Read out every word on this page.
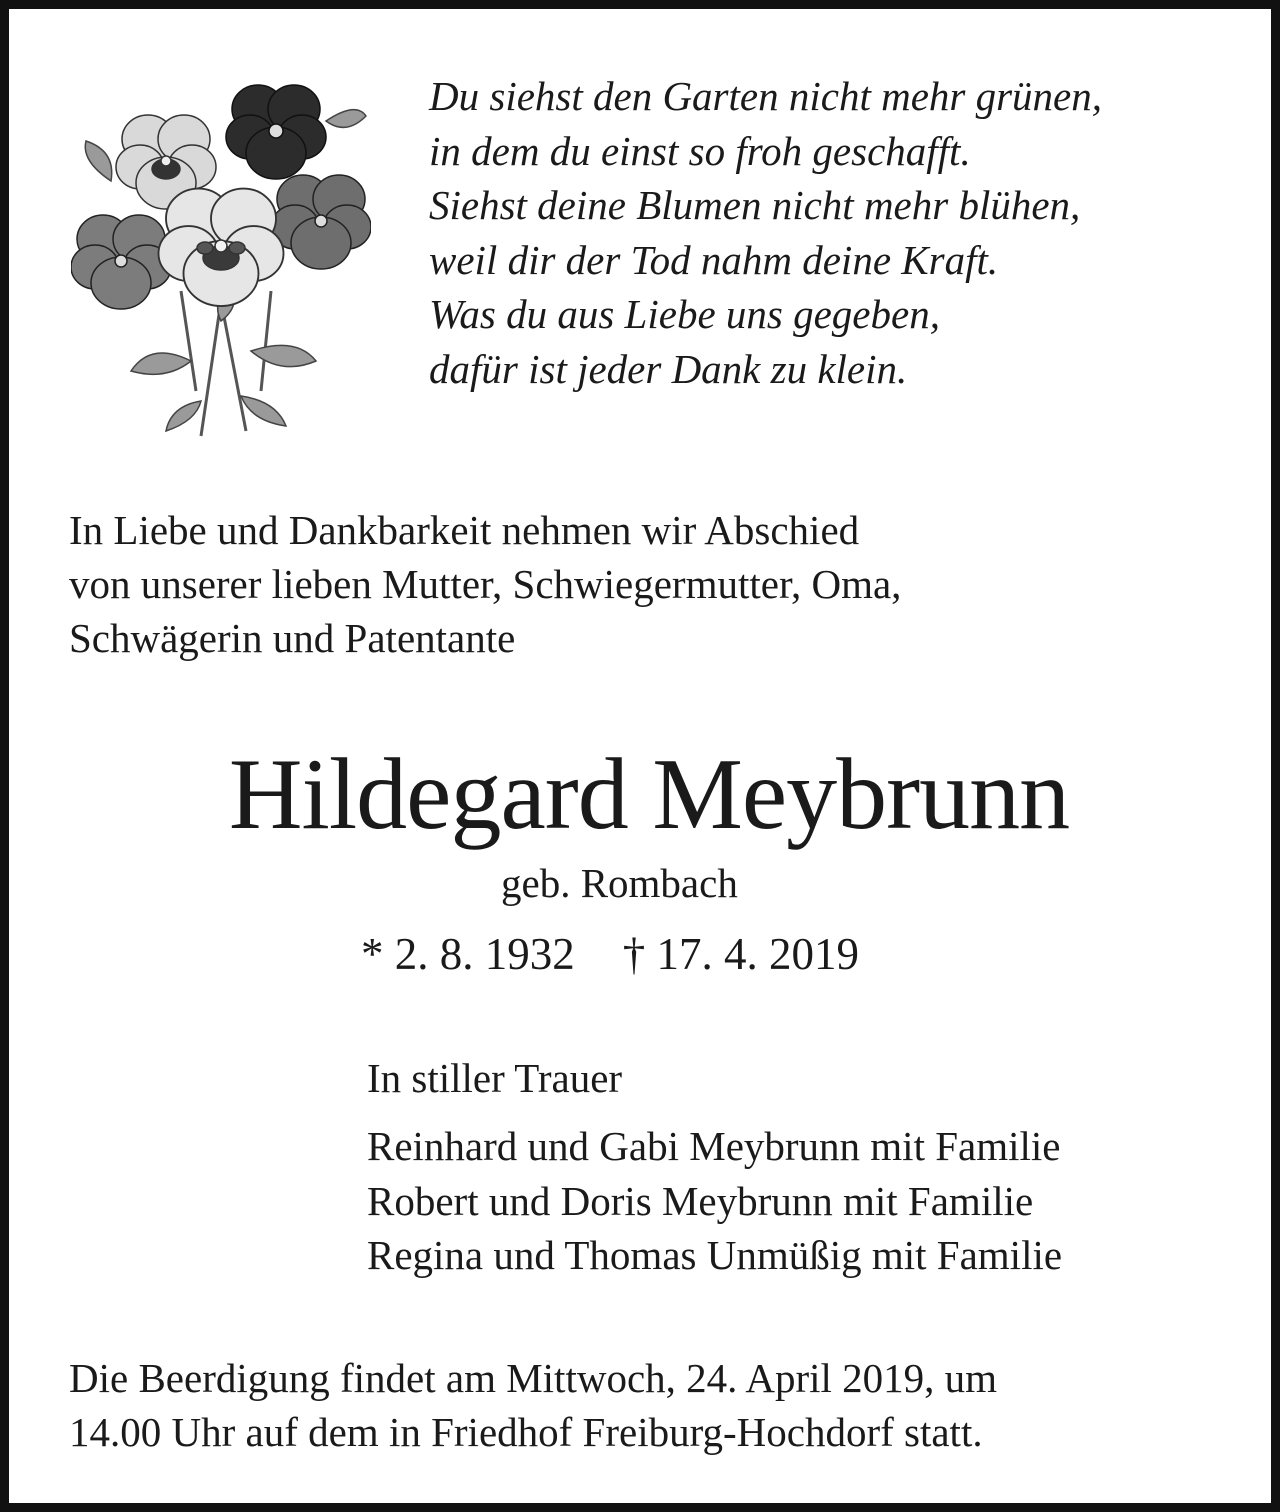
Du siehst den Garten nicht mehr grünen,
in dem du einst so froh geschafft.
Siehst deine Blumen nicht mehr blühen,
weil dir der Tod nahm deine Kraft.
Was du aus Liebe uns gegeben,
dafür ist jeder Dank zu klein.
In Liebe und Dankbarkeit nehmen wir Abschied
von unserer lieben Mutter, Schwiegermutter, Oma,
Schwägerin und Patentante
Hildegard Meybrunn
geb. Rombach
* 2. 8. 1932 † 17. 4. 2019
In stiller Trauer
Reinhard und Gabi Meybrunn mit Familie
Robert und Doris Meybrunn mit Familie
Regina und Thomas Unmüßig mit Familie
Die Beerdigung findet am Mittwoch, 24. April 2019, um
14.00 Uhr auf dem in Friedhof Freiburg-Hochdorf statt.
